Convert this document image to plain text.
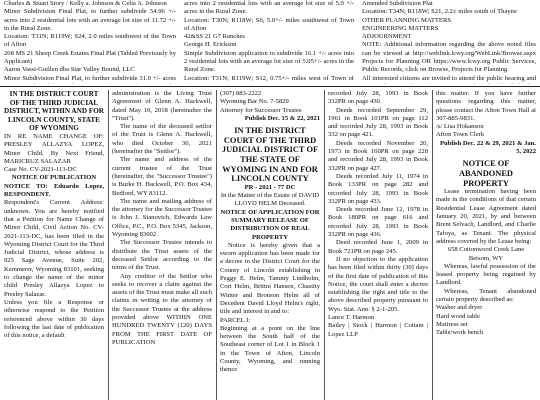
Charles & Stuart Story / Kelly a. Johnson & Celia A. Johnson

Minor Subdivision Final Plat, to further subdivide 54.96 +/- acres into 2 residential lots with an average lot size of 11.72 +/- in the Rural Zone.

Location: T31N; R119W; S24, 2.0 miles southwest of the Town of Afton

208 MS 21 Sheep Creek Estates Final Plat (Tabled Previously by Applicant)

Aaron Vassi-Guillen dba Star Valley Bound, LLC

Minor Subdivision Final Plat, to further subdivide 31.0 +/- acres

acres into 2 residential lots with an average lot size of 5.0 +/- acres in the Rural Zone.

Location: T30N; R118W; S6, 5.0+/- miles southwest of Town of Afton

42&SS 21 G7 Ranches

George H. Erickson

Simple Subdivision application to subdivide 16.1 +/- acres into 2 residential lots with an average lot size of 5.05+/- acres in the Rural Zone.

Location: T31N; R119W; S12, 0.75+/- miles west of Town of

Amended Subdivision Plat

Location: T34N; R118W; S21, 2.2± miles south of Thayne

OTHER PLANNING MATTERS

ENGINEERING MATTERS

ADJOURNMENT

NOTE: Additional information regarding the above noted files can be viewed at http://weblink.lcwy.org/WebLink/Browse.aspx Projects for Planning OR https://www.lcwy.org Public Services, Public Records, click on Browse, Projects for Planning

All interested citizens are invited to attend the public hearing and

IN THE DISTRICT COURT OF THE THIRD JUDICIAL DISTRICT, WITHIN AND FOR LINCOLN COUNTY, STATE OF WYOMING

IN RE NAME CHANGE OF: PRESLEY ALLAZYA LOPEZ, Minor Child, By Next Friend, MARICRUZ SALAZAR

Case No. CV-2021-113-DC

NOTICE OF PUBLICATION

NOTICE TO: Eduardo Lopez, RESPONDENT.

Respondent's Current Address: unknown. You are hereby notified that a Petition for Name Change of Minor Child, Civil Action No. CV-2021-113-DC, has been filed in the Wyoming District Court for the Third Judicial District, whose address is 925 Sage Avenue, Suite 202, Kemmerer, Wyoming 83101, seeking to change the name of the minor child Presley Allazya Lopez to Presley Salazar.

Unless you file a Response or otherwise respond to the Petition referenced above within 30 days following the last date of publication of this notice, a default

administration is the Living Trust Agreement of Glenn A. Hackwell, dated May 10, 2018 (hereinafter the "Trust").

The name of the deceased settlor of the Trust is Glenn A. Hackwell, who died October 30, 2021 (hereinafter the "Settlor").

The name and address of the current trustee of the Trust (hereinafter, the "Successor Trustee") is Burke H. Hackwell, P.O. Box 434, Bedford, WY 83112.

The name and mailing address of the attorney for the Successor Trustee is John J. Stanovich, Edwards Law Office, P.C., P.O. Box 5345, Jackson, Wyoming 83002.

The Successor Trustee intends to distribute the Trust assets of the deceased Settlor according to the terms of the Trust.

Any creditor of the Settlor who seeks to recover a claim against the assets of the Trust must make all such claims in writing to the attorney of the Successor Trustee at the address provided above WITHIN ONE HUNDRED TWENTY (120) DAYS FROM THE FIRST DATE OF PUBLICATION

(307) 883-2222
Wyoming Bar No. 7-5829
Attorney for Successor Trustee

Publish Dec. 15 & 22, 2021

IN THE DISTRICT COURT OF THE THIRD JUDICIAL DISTRICT OF THE STATE OF WYOMING IN AND FOR LINCOLN COUNTY

PR - 2021 - 77 DC

In the Matter of the Estate of DAVID LLOYD HELM Deceased.

NOTICE OF APPLICATION FOR SUMMARY RELEASE OF DISTRIBUTION OF REAL PROPERTY

Notice is hereby given that a sworn application has been made for a decree in the District Court for the County of Lincoln establishing in Peggy E. Helm, Tammy Lindholm, Cori Helm, Brittni Hansen, Chastity Winter and Bronson Helm all of Decedent David Lloyd Helm's right, title and interest in and to:

PARCEL I:

Beginning at a point on the line between the South half of the Southeast corner of Lot 1 in Block 1 in the Town of Afton, Lincoln County, Wyoming, and running thence

recorded July 28, 1993 in Book 332PR on page 430.

Deeds recorded September 29, 1961 in Book 101PR on page 112 and recorded July 28, 1993 in Book 332 on page 421.

Deeds recorded November 26, 1973 in Book 160PR on page 228 and recorded July 28, 1993 in Book 332PR on page 427.

Deeds recorded July 11, 1974 in Book 133PR on page 282 and recorded July 28, 1993 in Book 332PR on page 433.

Deeds recorded June 12, 1978 in Book 180PR on page 616 and recorded July 28, 1993 in Book 332PR on page 436.

Deed recorded June 1, 2009 in Book 721PR on page 245.

If no objection to the application has been filed within thirty (30) days of the first date of publication of this Notice, the court shall enter a decree establishing the right and title to the above described property pursuant to Wyo. Stat. Ann. § 2-1-205.

Lance T. Harmon

Bailey | Stock | Harmon | Cottam | Lopez LLP

this matter. If you have further questions regarding this matter, please contact the Afton Town Hall at 307-885-9831.

/s/ Lisa Hokanson
Afton Town Clerk

Publish Dec. 22 & 29, 2021 & Jan. 5, 2022

NOTICE OF ABANDONED PROPERTY

Lease termination having been made in the conditions of that certain Residential Lease Agreement dated January 20, 2021, by and between Brent Selvach, Landlord, and Charlie Tafoya, as Tenant. The physical address covered by the Lease being:

658 Cottonwood Creek Lane
Betsom, WY

Whereas, lawful possession of the leased property being regained by Landlord.

Whereas, Tenant abandoned certain property described as:

Washer and dryer
Hard wood table
Mattress set
Table/work bench
